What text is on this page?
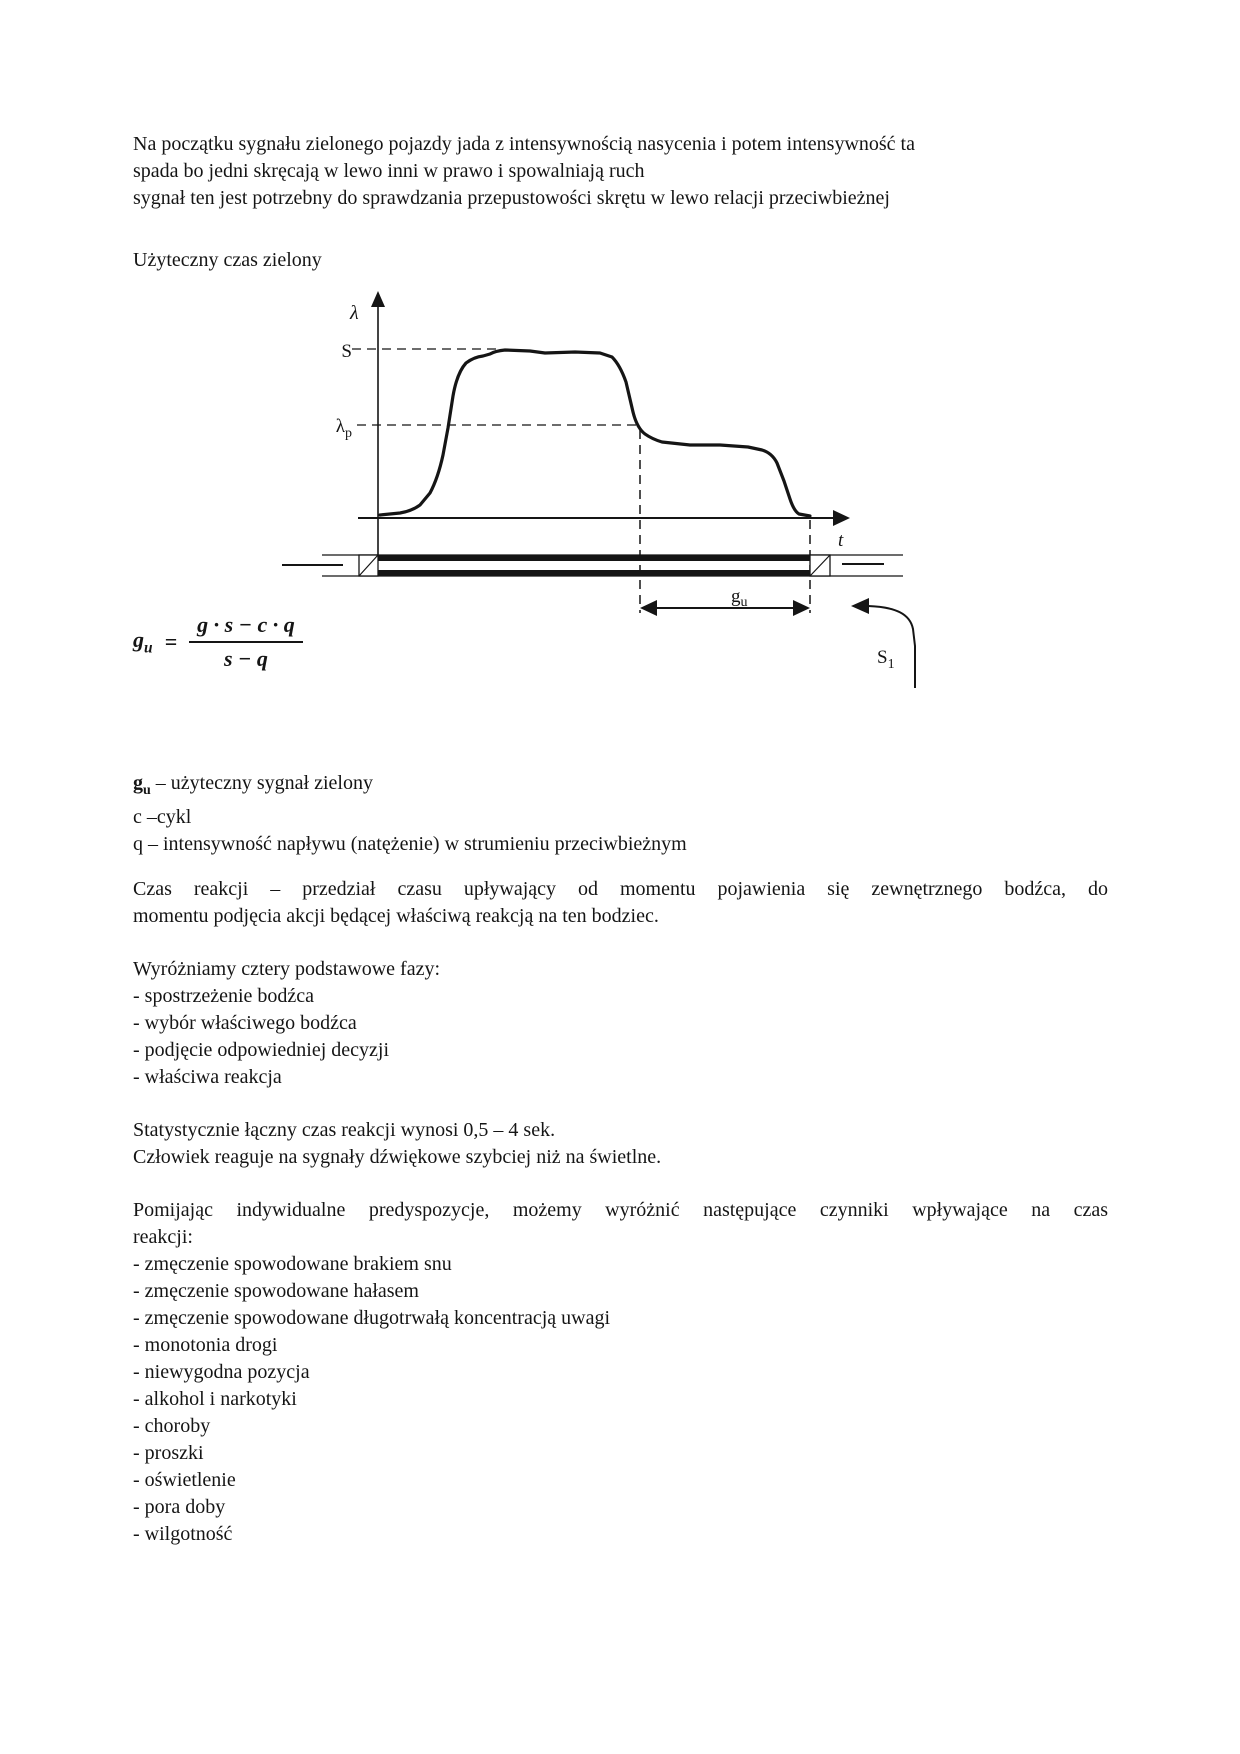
Na początku sygnału zielonego pojazdy jada z intensywnością nasycenia i potem intensywność ta
spada bo jedni skręcają w lewo inni w prawo i spowalniają ruch
sygnał ten jest potrzebny do sprawdzania przepustowości skrętu w lewo relacji przeciwbieżnej
Użyteczny czas zielony
λ
S
$\lambda_p$
t
$g_u$
$S_1$
$g_u = \frac{g \cdot s - c \cdot q}{s - q}$
$g_u$ – użyteczny sygnał zielony
c –cykl
q – intensywność napływu (natężenie) w strumieniu przeciwbieżnym
Czas reakcji – przedział czasu upływający od momentu pojawienia się zewnętrznego bodźca, do
momentu podjęcia akcji będącej właściwą reakcją na ten bodziec.
Wyróżniamy cztery podstawowe fazy:
- spostrzeżenie bodźca
- wybór właściwego bodźca
- podjęcie odpowiedniej decyzji
- właściwa reakcja
Statystycznie łączny czas reakcji wynosi 0,5 – 4 sek.
Człowiek reaguje na sygnały dźwiękowe szybciej niż na świetlne.
Pomijając indywidualne predyspozycje, możemy wyróżnić następujące czynniki wpływające na czas
reakcji:
- zmęczenie spowodowane brakiem snu
- zmęczenie spowodowane hałasem
- zmęczenie spowodowane długotrwałą koncentracją uwagi
- monotonia drogi
- niewygodna pozycja
- alkohol i narkotyki
- choroby
- proszki
- oświetlenie
- pora doby
- wilgotność
